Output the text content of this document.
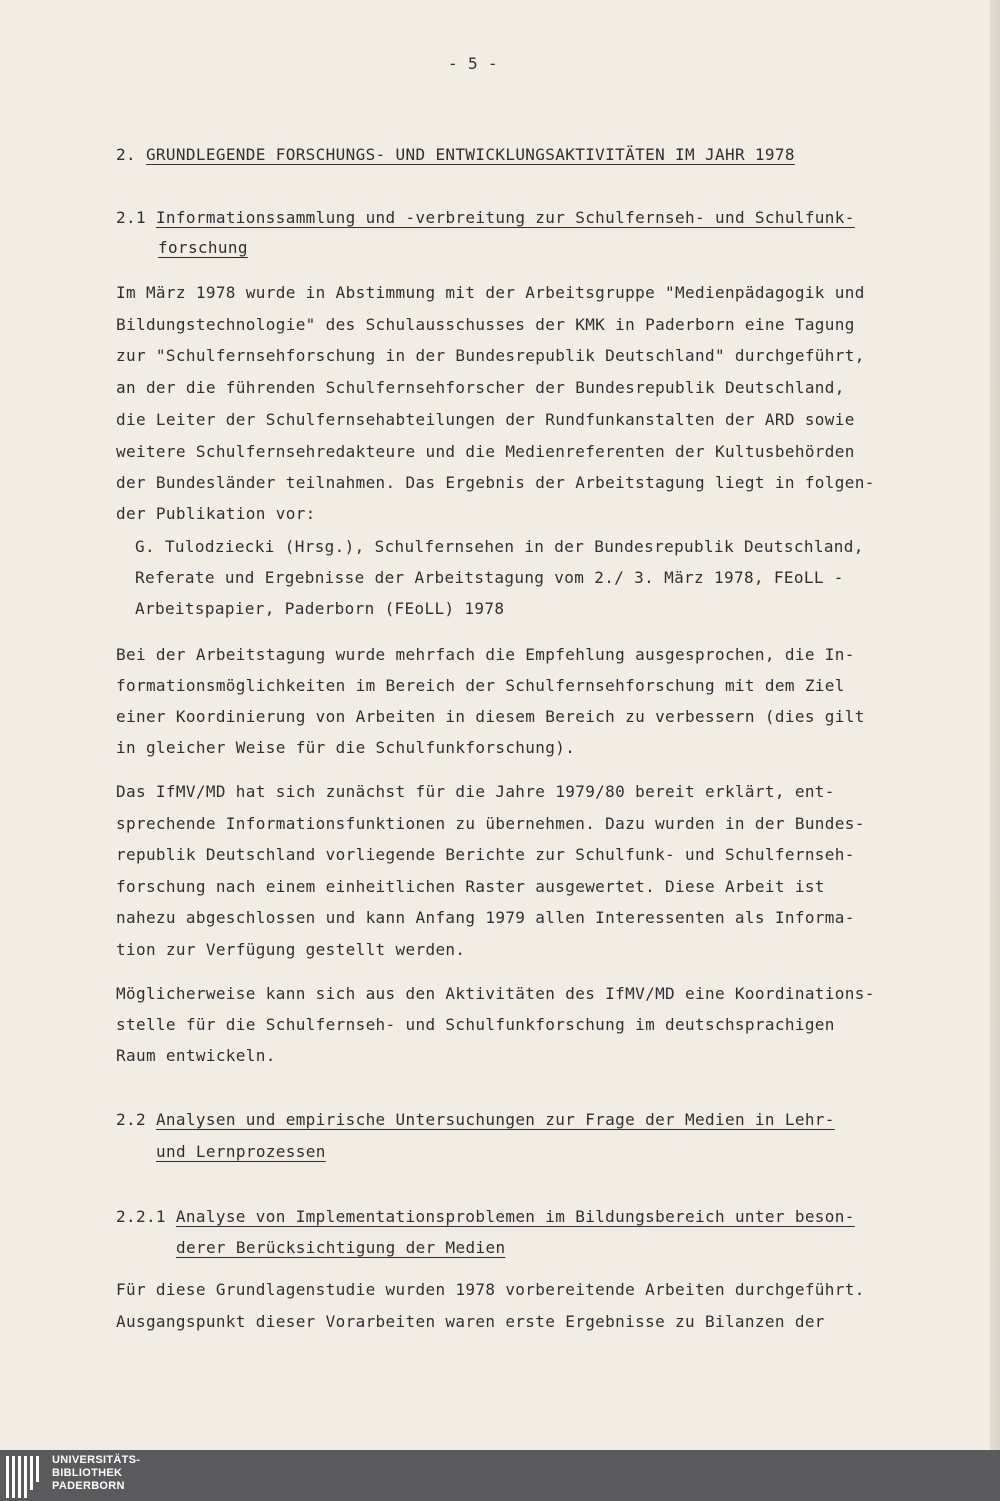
- 5 -
2. GRUNDLEGENDE FORSCHUNGS- UND ENTWICKLUNGSAKTIVITÄTEN IM JAHR 1978
2.1 Informationssammlung und -verbreitung zur Schulfernseh- und Schulfunk-
forschung
Im März 1978 wurde in Abstimmung mit der Arbeitsgruppe "Medienpädagogik und
Bildungstechnologie" des Schulausschusses der KMK in Paderborn eine Tagung
zur "Schulfernsehforschung in der Bundesrepublik Deutschland" durchgeführt,
an der die führenden Schulfernsehforscher der Bundesrepublik Deutschland,
die Leiter der Schulfernsehabteilungen der Rundfunkanstalten der ARD sowie
weitere Schulfernsehredakteure und die Medienreferenten der Kultusbehörden
der Bundesländer teilnahmen. Das Ergebnis der Arbeitstagung liegt in folgen-
der Publikation vor:
G. Tulodziecki (Hrsg.), Schulfernsehen in der Bundesrepublik Deutschland,
Referate und Ergebnisse der Arbeitstagung vom 2./ 3. März 1978, FEoLL -
Arbeitspapier, Paderborn (FEoLL) 1978
Bei der Arbeitstagung wurde mehrfach die Empfehlung ausgesprochen, die In-
formationsmöglichkeiten im Bereich der Schulfernsehforschung mit dem Ziel
einer Koordinierung von Arbeiten in diesem Bereich zu verbessern (dies gilt
in gleicher Weise für die Schulfunkforschung).
Das IfMV/MD hat sich zunächst für die Jahre 1979/80 bereit erklärt, ent-
sprechende Informationsfunktionen zu übernehmen. Dazu wurden in der Bundes-
republik Deutschland vorliegende Berichte zur Schulfunk- und Schulfernseh-
forschung nach einem einheitlichen Raster ausgewertet. Diese Arbeit ist
nahezu abgeschlossen und kann Anfang 1979 allen Interessenten als Informa-
tion zur Verfügung gestellt werden.
Möglicherweise kann sich aus den Aktivitäten des IfMV/MD eine Koordinations-
stelle für die Schulfernseh- und Schulfunkforschung im deutschsprachigen
Raum entwickeln.
2.2 Analysen und empirische Untersuchungen zur Frage der Medien in Lehr-
und Lernprozessen
2.2.1 Analyse von Implementationsproblemen im Bildungsbereich unter beson-
derer Berücksichtigung der Medien
Für diese Grundlagenstudie wurden 1978 vorbereitende Arbeiten durchgeführt.
Ausgangspunkt dieser Vorarbeiten waren erste Ergebnisse zu Bilanzen der
UNIVERSITÄTS-
BIBLIOTHEK
PADERBORN
